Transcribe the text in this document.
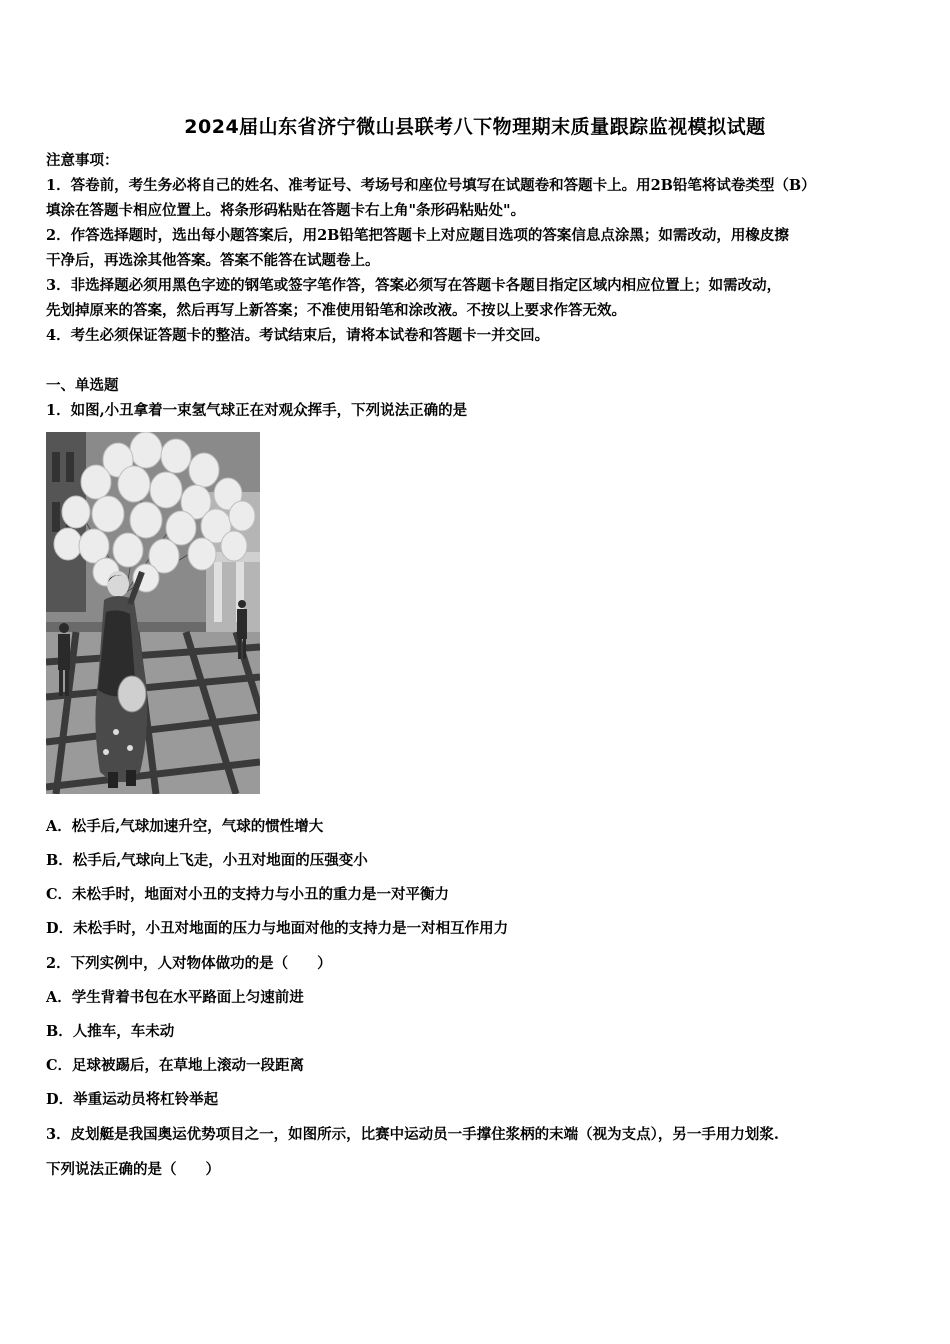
2024届山东省济宁微山县联考八下物理期末质量跟踪监视模拟试题
注意事项：
1．答卷前，考生务必将自己的姓名、准考证号、考场号和座位号填写在试题卷和答题卡上。用2B铅笔将试卷类型（B）
填涂在答题卡相应位置上。将条形码粘贴在答题卡右上角"条形码粘贴处"。
2．作答选择题时，选出每小题答案后，用2B铅笔把答题卡上对应题目选项的答案信息点涂黑；如需改动，用橡皮擦
干净后，再选涂其他答案。答案不能答在试题卷上。
3．非选择题必须用黑色字迹的钢笔或签字笔作答，答案必须写在答题卡各题目指定区域内相应位置上；如需改动，
先划掉原来的答案，然后再写上新答案；不准使用铅笔和涂改液。不按以上要求作答无效。
4．考生必须保证答题卡的整洁。考试结束后，请将本试卷和答题卡一并交回。
一、单选题
1．如图,小丑拿着一束氢气球正在对观众挥手，下列说法正确的是
A．松手后,气球加速升空，气球的惯性增大
B．松手后,气球向上飞走，小丑对地面的压强变小
C．未松手时，地面对小丑的支持力与小丑的重力是一对平衡力
D．未松手时，小丑对地面的压力与地面对他的支持力是一对相互作用力
2．下列实例中，人对物体做功的是（　　）
A．学生背着书包在水平路面上匀速前进
B．人推车，车未动
C．足球被踢后，在草地上滚动一段距离
D．举重运动员将杠铃举起
3．皮划艇是我国奥运优势项目之一，如图所示，比赛中运动员一手撑住浆柄的末端（视为支点），另一手用力划浆.
下列说法正确的是（　　）
